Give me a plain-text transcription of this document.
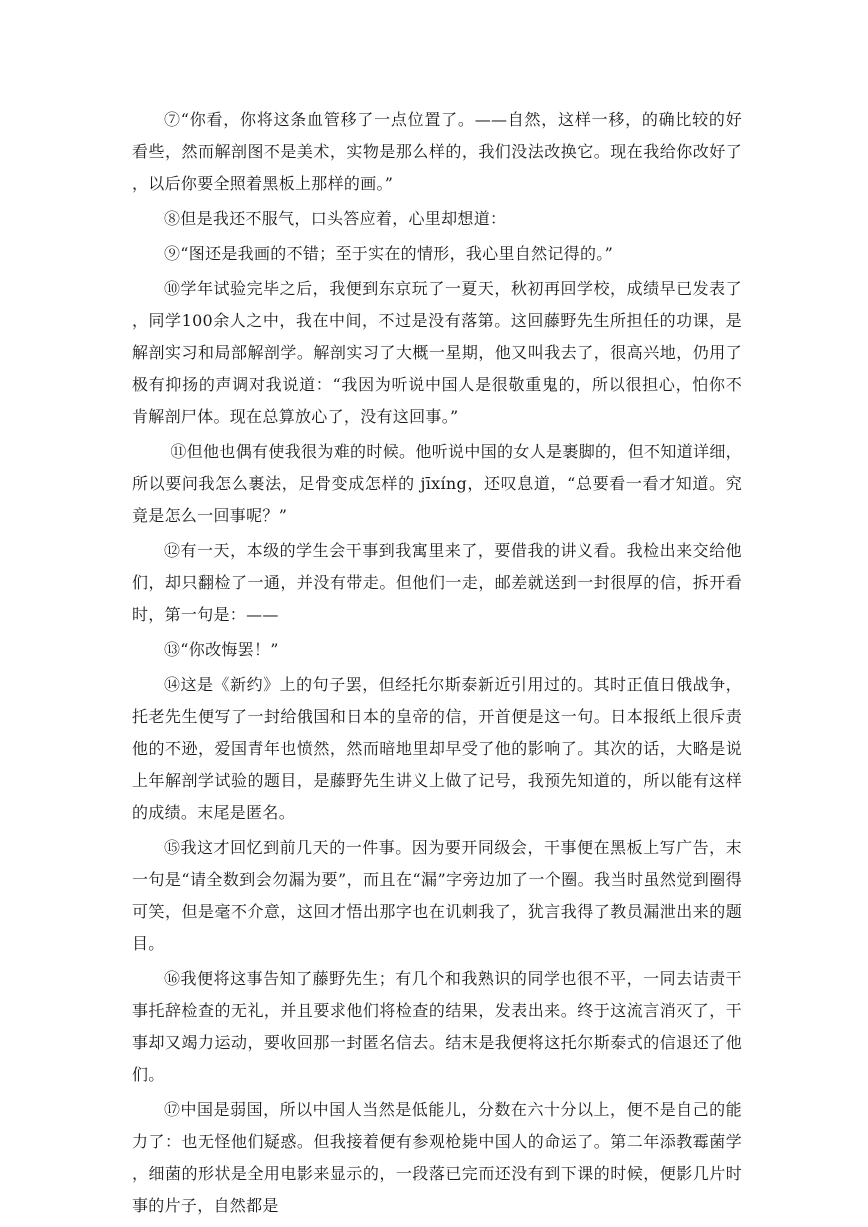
⑦“你看，你将这条血管移了一点位置了。——自然，这样一移，的确比较的好看些，然而解剖图不是美术，实物是那么样的，我们没法改换它。现在我给你改好了，以后你要全照着黑板上那样的画。”

⑧但是我还不服气，口头答应着，心里却想道：

⑨“图还是我画的不错；至于实在的情形，我心里自然记得的。”

⑩学年试验完毕之后，我便到东京玩了一夏天，秋初再回学校，成绩早已发表了，同学100余人之中，我在中间，不过是没有落第。这回藤野先生所担任的功课，是解剖实习和局部解剖学。解剖实习了大概一星期，他又叫我去了，很高兴地，仍用了极有抑扬的声调对我说道：“我因为听说中国人是很敬重鬼的，所以很担心，怕你不肯解剖尸体。现在总算放心了，没有这回事。”

⑪但他也偶有使我很为难的时候。他听说中国的女人是裹脚的，但不知道详细，所以要问我怎么裹法，足骨变成怎样的 jīxíng，还叹息道，“总要看一看才知道。究竟是怎么一回事呢？”

⑫有一天，本级的学生会干事到我寓里来了，要借我的讲义看。我检出来交给他们，却只翻检了一通，并没有带走。但他们一走，邮差就送到一封很厚的信，拆开看时，第一句是：——

⑬“你改悔罢！”

⑭这是《新约》上的句子罢，但经托尔斯泰新近引用过的。其时正值日俄战争，托老先生便写了一封给俄国和日本的皇帝的信，开首便是这一句。日本报纸上很斥责他的不逊，爱国青年也愤然，然而暗地里却早受了他的影响了。其次的话，大略是说上年解剖学试验的题目，是藤野先生讲义上做了记号，我预先知道的，所以能有这样的成绩。末尾是匿名。

⑮我这才回忆到前几天的一件事。因为要开同级会，干事便在黑板上写广告，末一句是“请全数到会勿漏为要”，而且在“漏”字旁边加了一个圈。我当时虽然觉到圈得可笑，但是毫不介意，这回才悟出那字也在讥刺我了，犹言我得了教员漏泄出来的题目。

⑯我便将这事告知了藤野先生；有几个和我熟识的同学也很不平，一同去诘责干事托辞检查的无礼，并且要求他们将检查的结果，发表出来。终于这流言消灭了，干事却又竭力运动，要收回那一封匿名信去。结末是我便将这托尔斯泰式的信退还了他们。

⑰中国是弱国，所以中国人当然是低能儿，分数在六十分以上，便不是自己的能力了：也无怪他们疑惑。但我接着便有参观枪毙中国人的命运了。第二年添教霉菌学，细菌的形状是全用电影来显示的，一段落已完而还没有到下课的时候，便影几片时事的片子，自然都是
